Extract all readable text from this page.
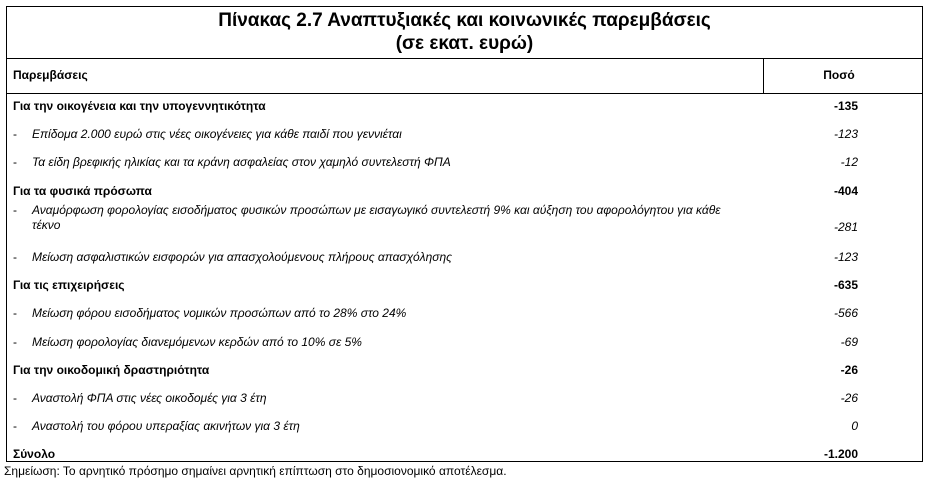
Πίνακας 2.7 Αναπτυξιακές και κοινωνικές παρεμβάσεις
(σε εκατ. ευρώ)
Παρεμβάσεις	Ποσό
Για την οικογένεια και την υπογεννητικότητα	-135
- Επίδομα 2.000 ευρώ στις νέες οικογένειες για κάθε παιδί που γεννιέται	-123
- Τα είδη βρεφικής ηλικίας και τα κράνη ασφαλείας στον χαμηλό συντελεστή ΦΠΑ	-12
Για τα φυσικά πρόσωπα	-404
- Αναμόρφωση φορολογίας εισοδήματος φυσικών προσώπων με εισαγωγικό συντελεστή 9% και αύξηση του αφορολόγητου για κάθε τέκνο	-281
- Μείωση ασφαλιστικών εισφορών για απασχολούμενους πλήρους απασχόλησης	-123
Για τις επιχειρήσεις	-635
- Μείωση φόρου εισοδήματος νομικών προσώπων από το 28% στο 24%	-566
- Μείωση φορολογίας διανεμόμενων κερδών από το 10% σε 5%	-69
Για την οικοδομική δραστηριότητα	-26
- Αναστολή ΦΠΑ στις νέες οικοδομές για 3 έτη	-26
- Αναστολή του φόρου υπεραξίας ακινήτων για 3 έτη	0
Σύνολο	-1.200
Σημείωση: Το αρνητικό πρόσημο σημαίνει αρνητική επίπτωση στο δημοσιονομικό αποτέλεσμα.
